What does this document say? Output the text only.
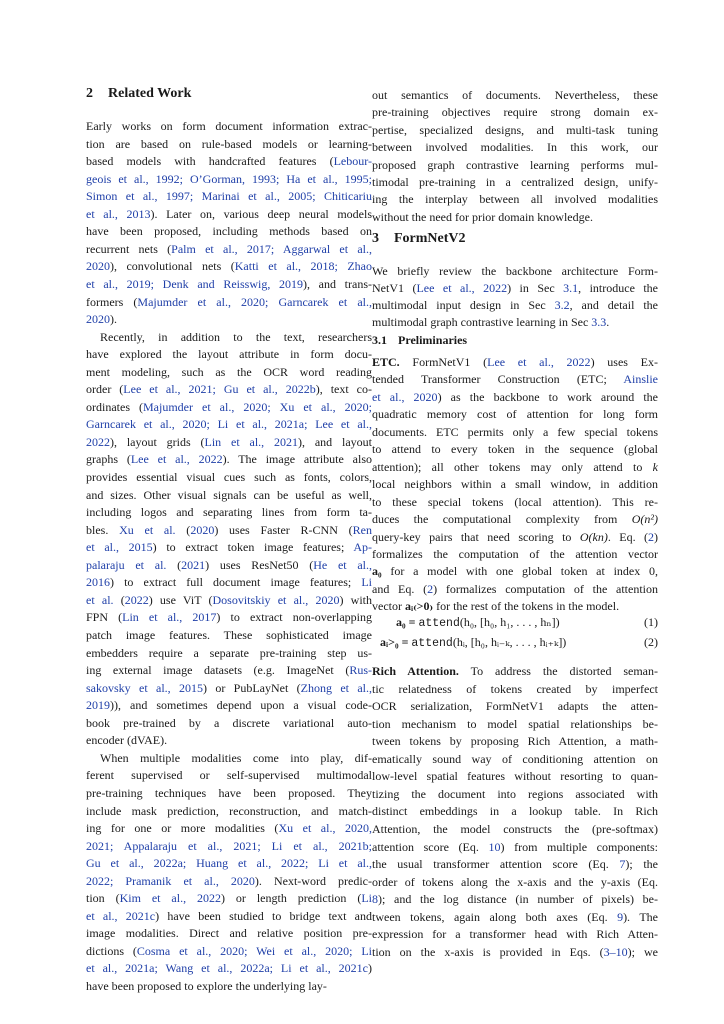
2 Related Work
Early works on form document information extrac-
tion are based on rule-based models or learning-
based models with handcrafted features (Lebour-
geois et al., 1992; O’Gorman, 1993; Ha et al., 1995;
Simon et al., 1997; Marinai et al., 2005; Chiticariu
et al., 2013). Later on, various deep neural models
have been proposed, including methods based on
recurrent nets (Palm et al., 2017; Aggarwal et al.,
2020), convolutional nets (Katti et al., 2018; Zhao
et al., 2019; Denk and Reisswig, 2019), and trans-
formers (Majumder et al., 2020; Garncarek et al.,
2020).
Recently, in addition to the text, researchers
have explored the layout attribute in form docu-
ment modeling, such as the OCR word reading
order (Lee et al., 2021; Gu et al., 2022b), text co-
ordinates (Majumder et al., 2020; Xu et al., 2020;
Garncarek et al., 2020; Li et al., 2021a; Lee et al.,
2022), layout grids (Lin et al., 2021), and layout
graphs (Lee et al., 2022). The image attribute also
provides essential visual cues such as fonts, colors,
and sizes. Other visual signals can be useful as well,
including logos and separating lines from form ta-
bles. Xu et al. (2020) uses Faster R-CNN (Ren
et al., 2015) to extract token image features; Ap-
palaraju et al. (2021) uses ResNet50 (He et al.,
2016) to extract full document image features; Li
et al. (2022) use ViT (Dosovitskiy et al., 2020) with
FPN (Lin et al., 2017) to extract non-overlapping
patch image features. These sophisticated image
embedders require a separate pre-training step us-
ing external image datasets (e.g. ImageNet (Rus-
sakovsky et al., 2015) or PubLayNet (Zhong et al.,
2019)), and sometimes depend upon a visual code-
book pre-trained by a discrete variational auto-
encoder (dVAE).
When multiple modalities come into play, dif-
ferent supervised or self-supervised multimodal
pre-training techniques have been proposed. They
include mask prediction, reconstruction, and match-
ing for one or more modalities (Xu et al., 2020,
2021; Appalaraju et al., 2021; Li et al., 2021b;
Gu et al., 2022a; Huang et al., 2022; Li et al.,
2022; Pramanik et al., 2020). Next-word predic-
tion (Kim et al., 2022) or length prediction (Li
et al., 2021c) have been studied to bridge text and
image modalities. Direct and relative position pre-
dictions (Cosma et al., 2020; Wei et al., 2020; Li
et al., 2021a; Wang et al., 2022a; Li et al., 2021c)
have been proposed to explore the underlying lay-
out semantics of documents. Nevertheless, these
pre-training objectives require strong domain ex-
pertise, specialized designs, and multi-task tuning
between involved modalities. In this work, our
proposed graph contrastive learning performs mul-
timodal pre-training in a centralized design, unify-
ing the interplay between all involved modalities
without the need for prior domain knowledge.
3 FormNetV2
We briefly review the backbone architecture Form-
NetV1 (Lee et al., 2022) in Sec 3.1, introduce the
multimodal input design in Sec 3.2, and detail the
multimodal graph contrastive learning in Sec 3.3.
3.1 Preliminaries
ETC. FormNetV1 (Lee et al., 2022) uses Ex-
tended Transformer Construction (ETC; Ainslie
et al., 2020) as the backbone to work around the
quadratic memory cost of attention for long form
documents. ETC permits only a few special tokens
to attend to every token in the sequence (global
attention); all other tokens may only attend to k
local neighbors within a small window, in addition
to these special tokens (local attention). This re-
duces the computational complexity from O(n²)
query-key pairs that need scoring to O(kn). Eq. (2)
formalizes the computation of the attention vector
a₀ for a model with one global token at index 0,
and Eq. (2) formalizes computation of the attention
vector aᵢ₍>0₎ for the rest of the tokens in the model.
a₀ = attend(h₀, [h₀, h₁, . . . , hₙ])	(1)
aᵢ>₀ = attend(hᵢ, [h₀, hᵢ₋ₖ, . . . , hᵢ₊ₖ])	(2)
Rich Attention. To address the distorted seman-
tic relatedness of tokens created by imperfect
OCR serialization, FormNetV1 adapts the atten-
tion mechanism to model spatial relationships be-
tween tokens by proposing Rich Attention, a math-
ematically sound way of conditioning attention on
low-level spatial features without resorting to quan-
tizing the document into regions associated with
distinct embeddings in a lookup table. In Rich
Attention, the model constructs the (pre-softmax)
attention score (Eq. 10) from multiple components:
the usual transformer attention score (Eq. 7); the
order of tokens along the x-axis and the y-axis (Eq.
8); and the log distance (in number of pixels) be-
tween tokens, again along both axes (Eq. 9). The
expression for a transformer head with Rich Atten-
tion on the x-axis is provided in Eqs. (3–10); we
